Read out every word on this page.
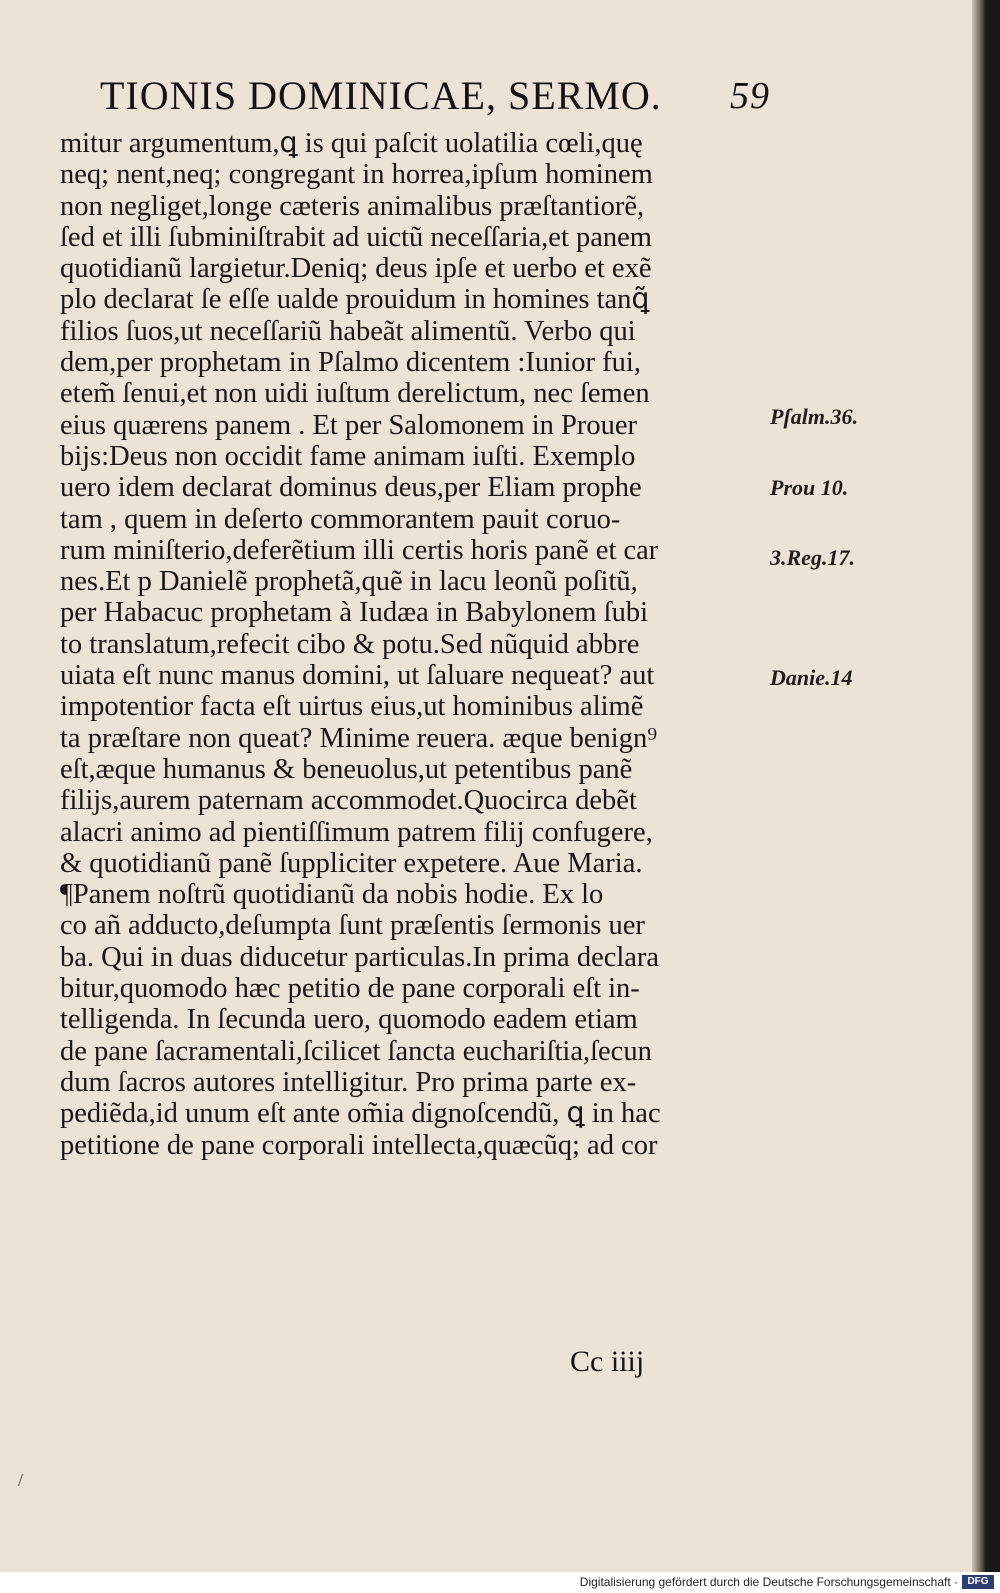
TIONIS DOMINICAE, SERMO. 59
mitur argumentum,ꝗ is qui paſcit uolatilia cœli,quę
neq; nent,neq; congregant in horrea,ipſum hominem
non negliget,longe cæteris animalibus præſtantiorẽ,
ſed et illi ſubminiſtrabit ad uictũ neceſſaria,et panem
quotidianũ largietur.Deniq; deus ipſe et uerbo et exẽ
plo declarat ſe eſſe ualde prouidum in homines tanꝗ̃
filios ſuos,ut neceſſariũ habeãt alimentũ. Verbo qui
dem,per prophetam in Pſalmo dicentem :Iunior fui,
etem̃ ſenui,et non uidi iuſtum derelictum, nec ſemen
eius quærens panem . Et per Salomonem in Prouer
bijs:Deus non occidit fame animam iuſti. Exemplo
uero idem declarat dominus deus,per Eliam prophe
tam , quem in deſerto commorantem pauit coruo-
rum miniſterio,deferẽtium illi certis horis panẽ et car
nes.Et p Danielẽ prophetã,quẽ in lacu leonũ poſitũ,
per Habacuc prophetam à Iudæa in Babylonem ſubi
to translatum,refecit cibo & potu.Sed nũquid abbre
uiata eſt nunc manus domini, ut ſaluare nequeat? aut
impotentior facta eſt uirtus eius,ut hominibus alimẽ
ta præſtare non queat? Minime reuera. æque benign⁹
eſt,æque humanus & beneuolus,ut petentibus panẽ
filijs,aurem paternam accommodet.Quocirca debẽt
alacri animo ad pientiſſimum patrem filij confugere,
& quotidianũ panẽ ſuppliciter expetere. Aue Maria.
¶Panem noſtrũ quotidianũ da nobis hodie. Ex lo
co añ adducto,deſumpta ſunt præſentis ſermonis uer
ba. Qui in duas diducetur particulas.In prima declara
bitur,quomodo hæc petitio de pane corporali eſt in-
telligenda. In ſecunda uero, quomodo eadem etiam
de pane ſacramentali,ſcilicet ſancta euchariſtia,ſecun
dum ſacros autores intelligitur. Pro prima parte ex-
pediẽda,id unum eſt ante om̃ia dignoſcendũ, ꝗ in hac
petitione de pane corporali intellecta,quæcũq; ad cor
Pſalm.36.
Prou 10.
3.Reg.17.
Danie.14
Cc iiij
/
Digitalisierung gefördert durch die Deutsche Forschungsgemeinschaft · DFG
